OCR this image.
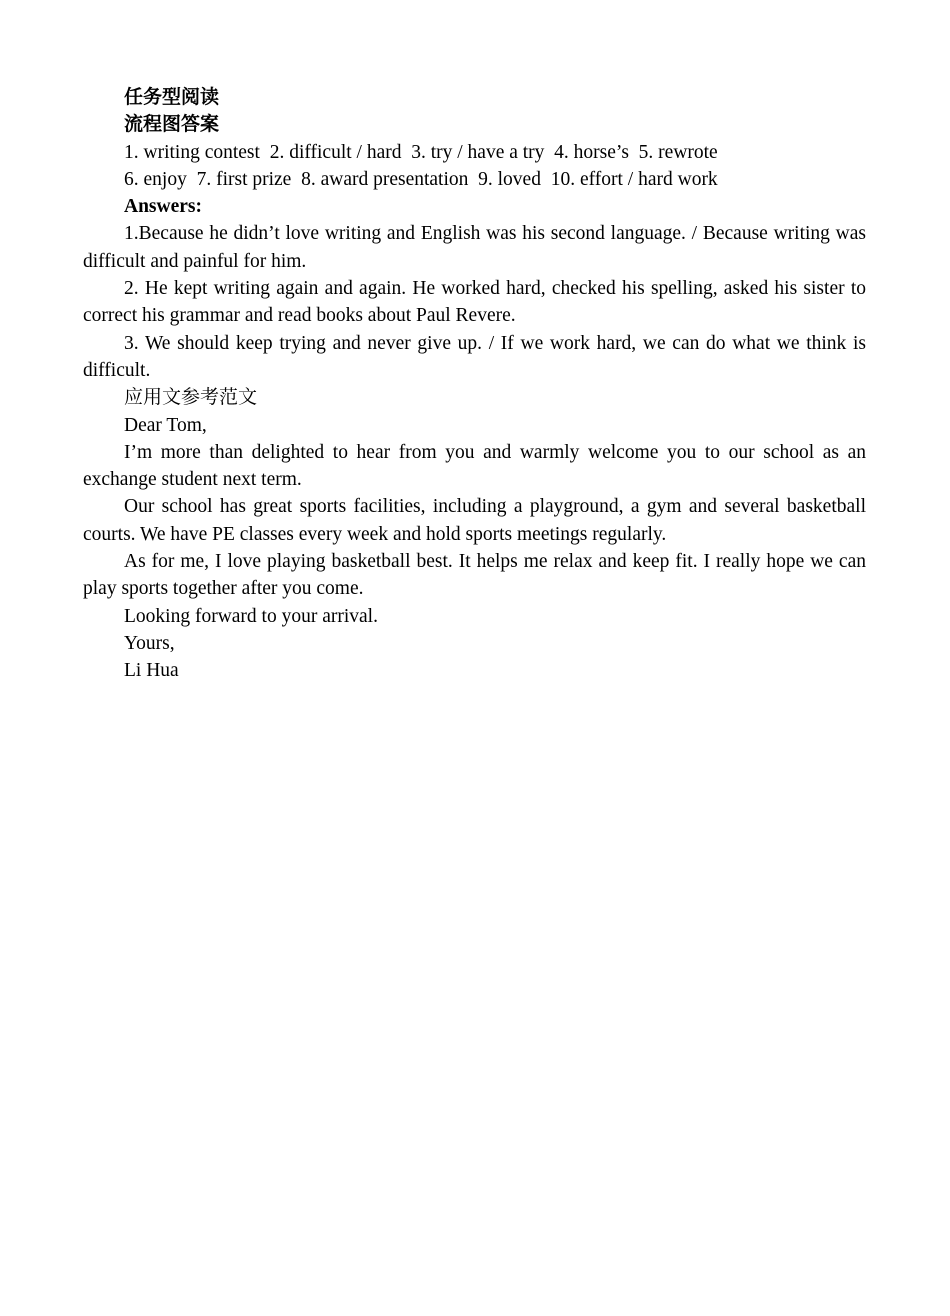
任务型阅读

流程图答案

1. writing contest  2. difficult / hard  3. try / have a try  4. horse’s  5. rewrote

6. enjoy  7. first prize  8. award presentation  9. loved  10. effort / hard work

Answers:

1.Because he didn’t love writing and English was his second language. / Because writing was difficult and painful for him.

2. He kept writing again and again. He worked hard, checked his spelling, asked his sister to correct his grammar and read books about Paul Revere.

3. We should keep trying and never give up. / If we work hard, we can do what we think is difficult.

应用文参考范文

Dear Tom,

I’m more than delighted to hear from you and warmly welcome you to our school as an exchange student next term.

Our school has great sports facilities, including a playground, a gym and several basketball courts. We have PE classes every week and hold sports meetings regularly.

As for me, I love playing basketball best. It helps me relax and keep fit. I really hope we can play sports together after you come.

Looking forward to your arrival.

Yours,

Li Hua
